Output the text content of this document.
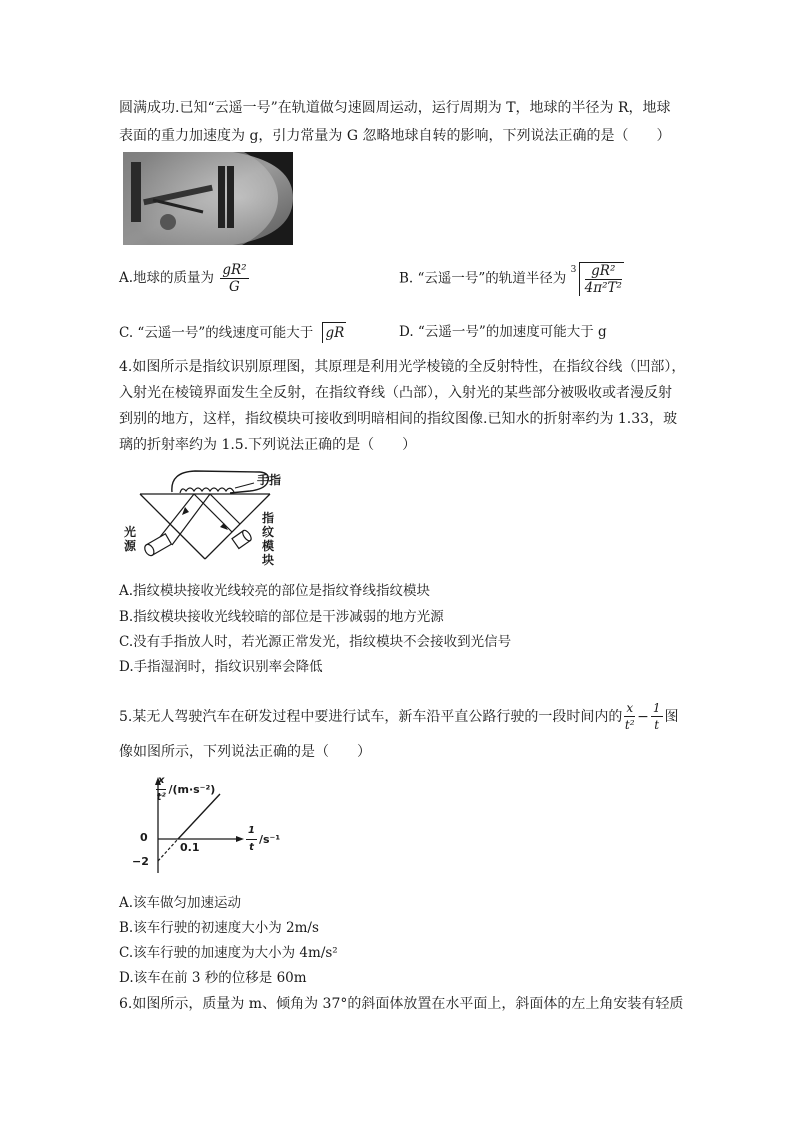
圆满成功.已知“云遥一号”在轨道做匀速圆周运动，运行周期为 T，地球的半径为 R，地球
表面的重力加速度为 g，引力常量为 G 忽略地球自转的影响，下列说法正确的是（　　）
A.地球的质量为 $\frac{\text{gR²}}{G}$	B. “云遥一号”的轨道半径为
$3 \frac{\text{gR²}}{\text{4π²T²}}$
C. “云遥一号”的线速度可能大于 gR	D. “云遥一号”的加速度可能大于 g
4.如图所示是指纹识别原理图，其原理是利用光学棱镜的全反射特性，在指纹谷线（凹部），
入射光在棱镜界面发生全反射，在指纹脊线（凸部），入射光的某些部分被吸收或者漫反射
到别的地方，这样，指纹模块可接收到明暗相间的指纹图像.已知水的折射率约为 1.33，玻
璃的折射率约为 1.5.下列说法正确的是（　　）
手指
光源
指纹模块
A.指纹模块接收光线较亮的部位是指纹脊线指纹模块
B.指纹模块接收光线较暗的部位是干涉减弱的地方光源
C.没有手指放人时，若光源正常发光，指纹模块不会接收到光信号
D.手指湿润时，指纹识别率会降低
5.某无人驾驶汽车在研发过程中要进行试车，新车沿平直公路行驶的一段时间内的 $\frac{x}{\text{t²}} - \frac{1}{t}$ 图
像如图所示，下列说法正确的是（　　）
$\frac{x}{\text{t²}} /(m\cdot s^{-2})$
$\frac{1}{t} /s^{-1}$
0
0.1
−2
A.该车做匀加速运动
B.该车行驶的初速度大小为 2m/s
C.该车行驶的加速度为大小为 4m/s²
D.该车在前 3 秒的位移是 60m
6.如图所示，质量为 m、倾角为 37°的斜面体放置在水平面上，斜面体的左上角安装有轻质
